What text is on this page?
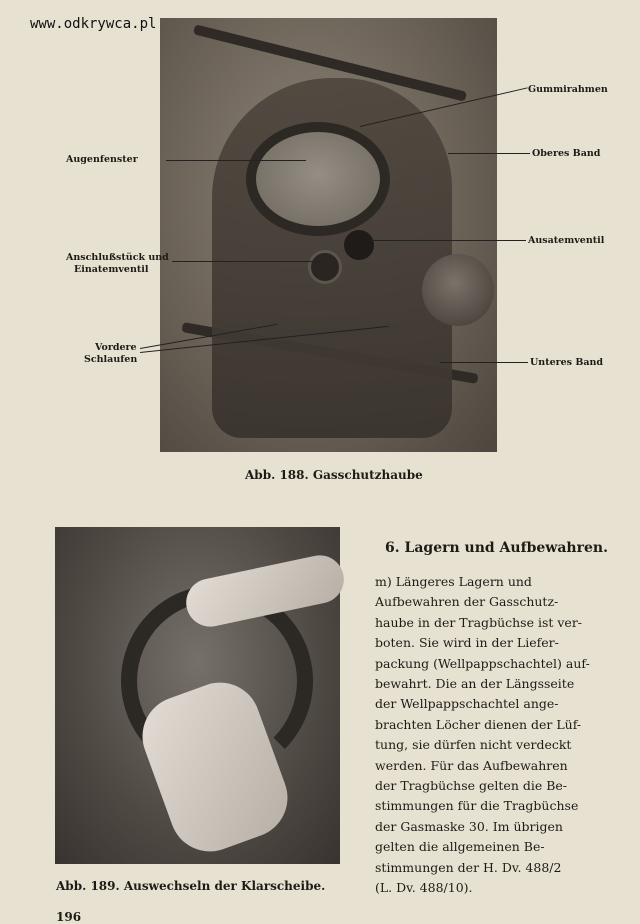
www.odkrywca.pl
Augenfenster
Anschlußstück und
Einatemventil
Vordere
Schlaufen
Gummirahmen
Oberes Band
Ausatemventil
Unteres Band
Abb. 188. Gasschutzhaube
Abb. 189. Auswechseln der Klarscheibe.
6. Lagern und Aufbewahren.
m) Längeres Lagern und
Aufbewahren der Gasschutz-
haube in der Tragbüchse ist ver-
boten. Sie wird in der Liefer-
packung (Wellpappschachtel) auf-
bewahrt. Die an der Längsseite
der Wellpappschachtel ange-
brachten Löcher dienen der Lüf-
tung, sie dürfen nicht verdeckt
werden. Für das Aufbewahren
der Tragbüchse gelten die Be-
stimmungen für die Tragbüchse
der Gasmaske 30. Im übrigen
gelten die allgemeinen Be-
stimmungen der H. Dv. 488/2
(L. Dv. 488/10).
196
